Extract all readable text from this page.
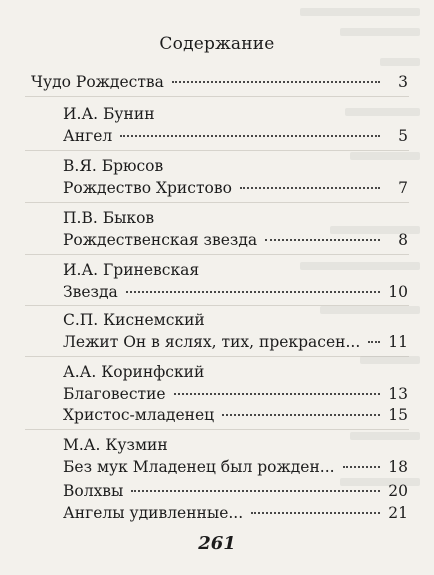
Содержание
Чудо Рождества	3
И.А. Бунин
Ангел	5
В.Я. Брюсов
Рождество Христово	7
П.В. Быков
Рождественская звезда	8
И.А. Гриневская
Звезда	10
С.П. Киснемский
Лежит Он в яслях, тих, прекрасен... 11
А.А. Коринфский
Благовестие	13
Христос-младенец	15
М.А. Кузмин
Без мук Младенец был рожден...	18
Волхвы	20
Ангелы удивленные...	21
261
